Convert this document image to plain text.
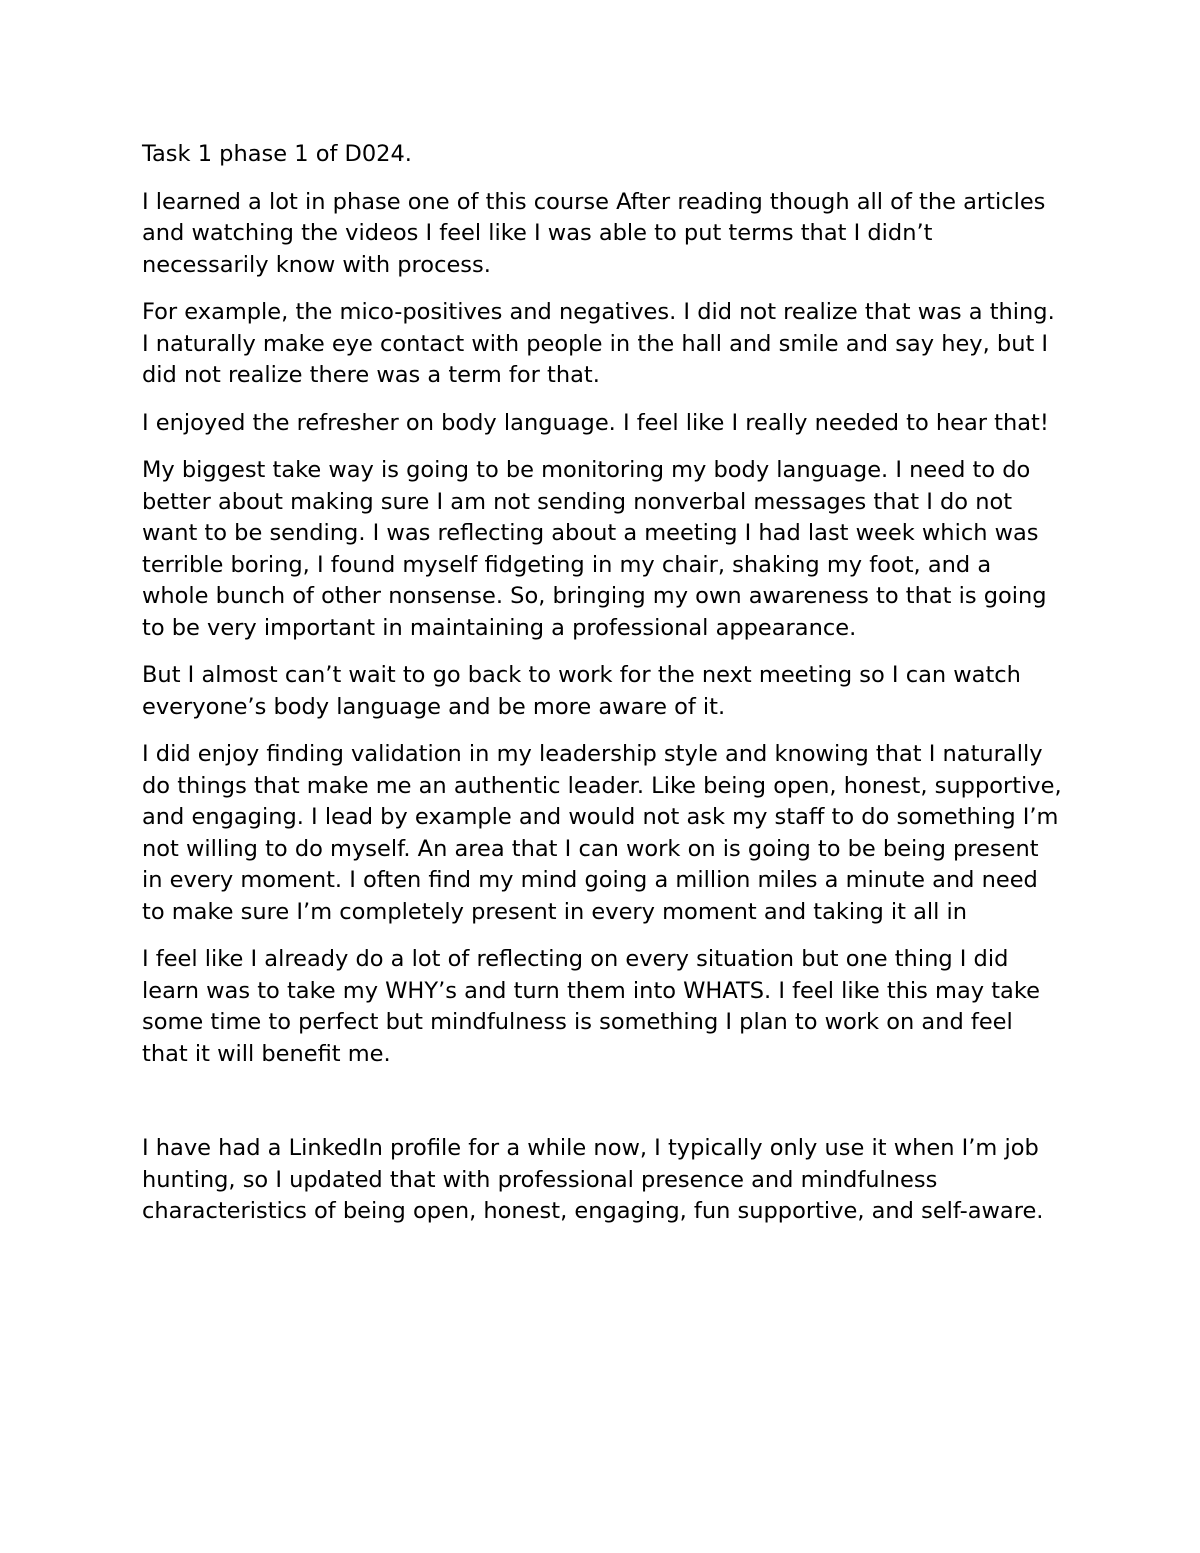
Task 1 phase 1 of D024.

I learned a lot in phase one of this course After reading though all of the articles and watching the videos I feel like I was able to put terms that I didn’t necessarily know with process.

For example, the mico-positives and negatives. I did not realize that was a thing. I naturally make eye contact with people in the hall and smile and say hey, but I did not realize there was a term for that.

I enjoyed the refresher on body language. I feel like I really needed to hear that!

My biggest take way is going to be monitoring my body language. I need to do better about making sure I am not sending nonverbal messages that I do not want to be sending. I was reflecting about a meeting I had last week which was terrible boring, I found myself fidgeting in my chair, shaking my foot, and a whole bunch of other nonsense. So, bringing my own awareness to that is going to be very important in maintaining a professional appearance.

But I almost can’t wait to go back to work for the next meeting so I can watch everyone’s body language and be more aware of it.

I did enjoy finding validation in my leadership style and knowing that I naturally do things that make me an authentic leader. Like being open, honest, supportive, and engaging. I lead by example and would not ask my staff to do something I’m not willing to do myself. An area that I can work on is going to be being present in every moment. I often find my mind going a million miles a minute and need to make sure I’m completely present in every moment and taking it all in

I feel like I already do a lot of reflecting on every situation but one thing I did learn was to take my WHY’s and turn them into WHATS. I feel like this may take some time to perfect but mindfulness is something I plan to work on and feel that it will benefit me.

I have had a LinkedIn profile for a while now, I typically only use it when I’m job hunting, so I updated that with professional presence and mindfulness characteristics of being open, honest, engaging, fun supportive, and self-aware.
